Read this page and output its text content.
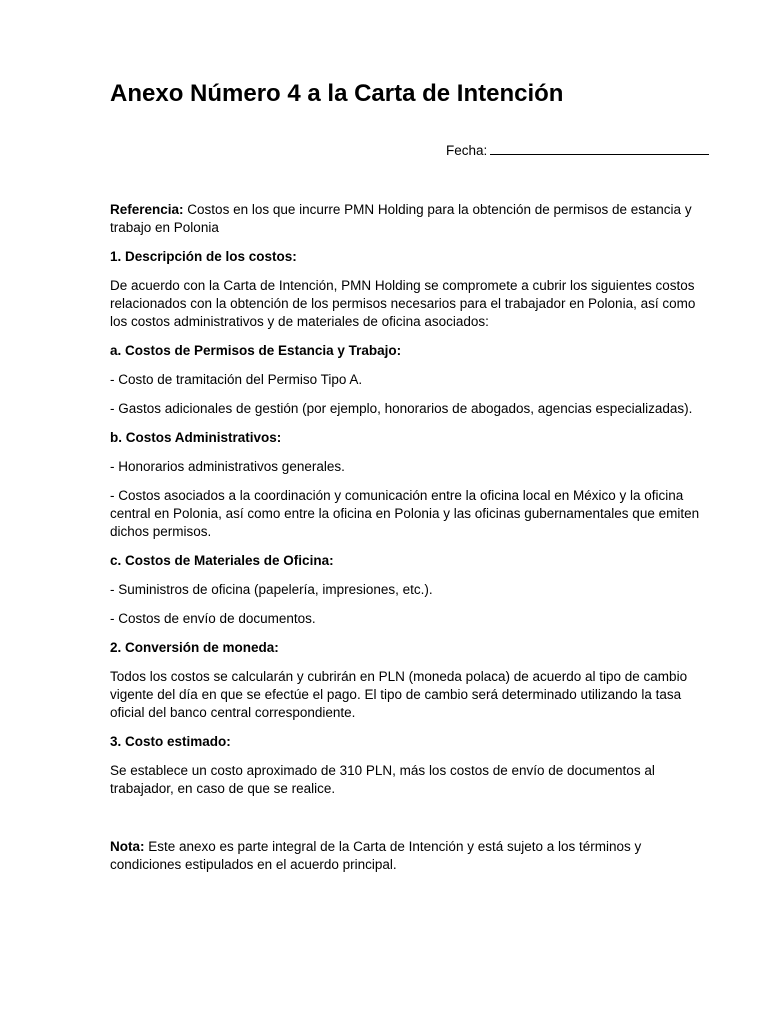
Anexo Número 4 a la Carta de Intención
Fecha:

Referencia: Costos en los que incurre PMN Holding para la obtención de permisos de estancia y trabajo en Polonia

1. Descripción de los costos:

De acuerdo con la Carta de Intención, PMN Holding se compromete a cubrir los siguientes costos relacionados con la obtención de los permisos necesarios para el trabajador en Polonia, así como los costos administrativos y de materiales de oficina asociados:

a. Costos de Permisos de Estancia y Trabajo:

- Costo de tramitación del Permiso Tipo A.

- Gastos adicionales de gestión (por ejemplo, honorarios de abogados, agencias especializadas).

b. Costos Administrativos:

- Honorarios administrativos generales.

- Costos asociados a la coordinación y comunicación entre la oficina local en México y la oficina central en Polonia, así como entre la oficina en Polonia y las oficinas gubernamentales que emiten dichos permisos.

c. Costos de Materiales de Oficina:

- Suministros de oficina (papelería, impresiones, etc.).

- Costos de envío de documentos.

2. Conversión de moneda:

Todos los costos se calcularán y cubrirán en PLN (moneda polaca) de acuerdo al tipo de cambio vigente del día en que se efectúe el pago. El tipo de cambio será determinado utilizando la tasa oficial del banco central correspondiente.

3. Costo estimado:

Se establece un costo aproximado de 310 PLN, más los costos de envío de documentos al trabajador, en caso de que se realice.

Nota: Este anexo es parte integral de la Carta de Intención y está sujeto a los términos y condiciones estipulados en el acuerdo principal.
